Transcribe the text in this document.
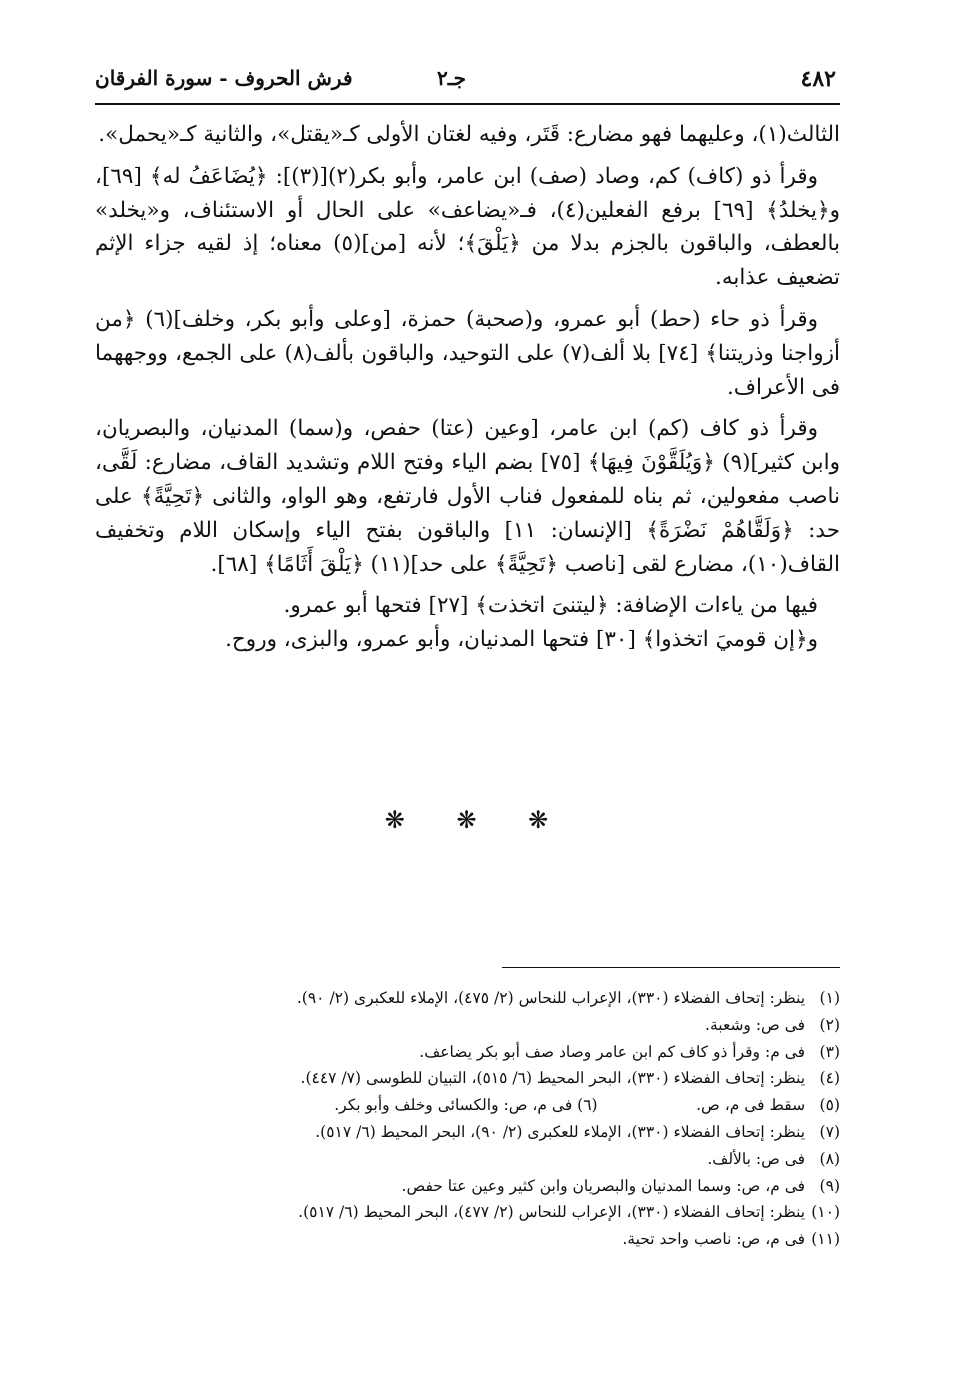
٤٨٢
جـ٢
فرش الحروف - سورة الفرقان

الثالث(١)، وعليهما فهو مضارع: قَتَر، وفيه لغتان الأولى كـ«يقتل»، والثانية كـ«يحمل».

وقرأ ذو (كاف) كم، وصاد (صف) ابن عامر، وأبو بكر(٢)[(٣)]: ﴿يُضَاعَفُ له﴾ [٦٩]، و﴿يخلدُ﴾ [٦٩] برفع الفعلين(٤)، فـ«يضاعف» على الحال أو الاستئناف، و«يخلد» بالعطف، والباقون بالجزم بدلا من ﴿يَلْقَ﴾؛ لأنه [من](٥) معناه؛ إذ لقيه جزاء الإثم تضعيف عذابه.

وقرأ ذو حاء (حط) أبو عمرو، و(صحبة) حمزة، [وعلى وأبو بكر، وخلف](٦) ﴿من أزواجنا وذريتنا﴾ [٧٤] بلا ألف(٧) على التوحيد، والباقون بألف(٨) على الجمع، ووجههما فى الأعراف.

وقرأ ذو كاف (كم) ابن عامر، [وعين (عتا) حفص، و(سما) المدنيان، والبصريان، وابن كثير](٩) ﴿وَيُلَقَّوْنَ فِيهَا﴾ [٧٥] بضم الياء وفتح اللام وتشديد القاف، مضارع: لَقَّى، ناصب مفعولين، ثم بناه للمفعول فناب الأول فارتفع، وهو الواو، والثانى ﴿تَحِيَّةً﴾ على حد: ﴿وَلَقَّاهُمْ نَضْرَةً﴾ [الإنسان: ١١] والباقون بفتح الياء وإسكان اللام وتخفيف القاف(١٠)، مضارع لقى [ناصب ﴿تَحِيَّةً﴾ على حد](١١) ﴿يَلْقَ أَثَامًا﴾ [٦٨].

فيها من ياءات الإضافة: ﴿ليتنىَ اتخذت﴾ [٢٧] فتحها أبو عمرو.

و﴿إن قوميَ اتخذوا﴾ [٣٠] فتحها المدنيان، وأبو عمرو، والبزى، وروح.

❋ ❋ ❋
(١) ينظر: إتحاف الفضلاء (٣٣٠)، الإعراب للنحاس (٢/ ٤٧٥)، الإملاء للعكبرى (٢/ ٩٠).
(٢) فى ص: وشعبة.
(٣) فى م: وقرأ ذو كاف كم ابن عامر وصاد صف أبو بكر يضاعف.
(٤) ينظر: إتحاف الفضلاء (٣٣٠)، البحر المحيط (٦/ ٥١٥)، التبيان للطوسى (٧/ ٤٤٧).
(٥) سقط فى م، ص.                    (٦) فى م، ص: والكسائى وخلف وأبو بكر.
(٧) ينظر: إتحاف الفضلاء (٣٣٠)، الإملاء للعكبرى (٢/ ٩٠)، البحر المحيط (٦/ ٥١٧).
(٨) فى ص: بالألف.
(٩) فى م، ص: وسما المدنيان والبصريان وابن كثير وعين عتا حفص.
(١٠) ينظر: إتحاف الفضلاء (٣٣٠)، الإعراب للنحاس (٢/ ٤٧٧)، البحر المحيط (٦/ ٥١٧).
(١١) فى م، ص: ناصب واحد تحية.
